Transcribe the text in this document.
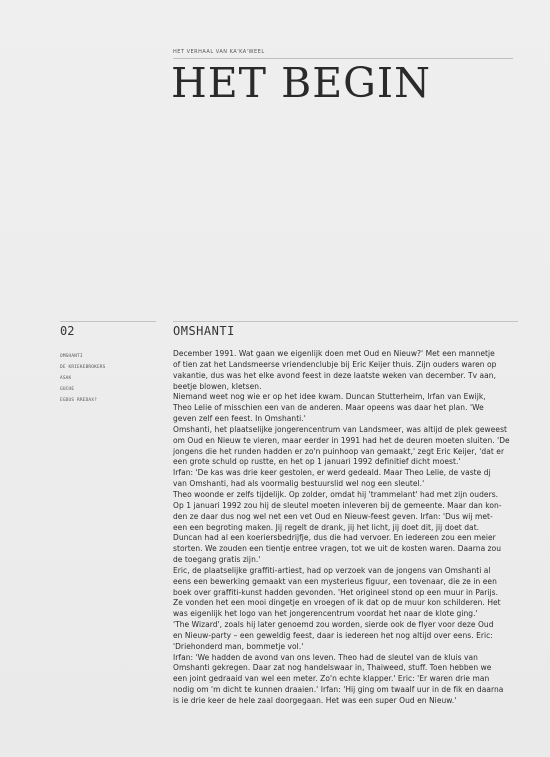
HET VERHAAL VAN KA'KA'WEEL
HET BEGIN
02	OMSHANTI
OMSHANTI
DE KRIEKEBROKERS
ASAK
GUCHE
EGDUS RREDAX?
December 1991. Wat gaan we eigenlijk doen met Oud en Nieuw?' Met een mannetje
of tien zat het Landsmeerse vriendenclubje bij Eric Keijer thuis. Zijn ouders waren op
vakantie, dus was het elke avond feest in deze laatste weken van december. Tv aan,
beetje blowen, kletsen.
Niemand weet nog wie er op het idee kwam. Duncan Stutterheim, Irfan van Ewijk,
Theo Lelie of misschien een van de anderen. Maar opeens was daar het plan. 'We
geven zelf een feest. In Omshanti.'
Omshanti, het plaatselijke jongerencentrum van Landsmeer, was altijd de plek geweest
om Oud en Nieuw te vieren, maar eerder in 1991 had het de deuren moeten sluiten. 'De
jongens die het runden hadden er zo'n puinhoop van gemaakt,' zegt Eric Keijer, 'dat er
een grote schuld op rustte, en het op 1 januari 1992 definitief dicht moest.'
Irfan: 'De kas was drie keer gestolen, er werd gedeald. Maar Theo Lelie, de vaste dj
van Omshanti, had als voormalig bestuurslid wel nog een sleutel.'
Theo woonde er zelfs tijdelijk. Op zolder, omdat hij 'trammelant' had met zijn ouders.
Op 1 januari 1992 zou hij de sleutel moeten inleveren bij de gemeente. Maar dan kon-
den ze daar dus nog wel net een vet Oud en Nieuw-feest geven. Irfan: 'Dus wij met-
een een begroting maken. Jij regelt de drank, jij het licht, jij doet dit, jij doet dat.
Duncan had al een koeriersbedrijfje, dus die had vervoer. En iedereen zou een meier
storten. We zouden een tientje entree vragen, tot we uit de kosten waren. Daarna zou
de toegang gratis zijn.'
Eric, de plaatselijke graffiti-artiest, had op verzoek van de jongens van Omshanti al
eens een bewerking gemaakt van een mysterieus figuur, een tovenaar, die ze in een
boek over graffiti-kunst hadden gevonden. 'Het origineel stond op een muur in Parijs.
Ze vonden het een mooi dingetje en vroegen of ik dat op de muur kon schilderen. Het
was eigenlijk het logo van het jongerencentrum voordat het naar de klote ging.'
'The Wizard', zoals hij later genoemd zou worden, sierde ook de flyer voor deze Oud
en Nieuw-party – een geweldig feest, daar is iedereen het nog altijd over eens. Eric:
'Driehonderd man, bommetje vol.'
Irfan: 'We hadden de avond van ons leven. Theo had de sleutel van de kluis van
Omshanti gekregen. Daar zat nog handelswaar in, Thaiweed, stuff. Toen hebben we
een joint gedraaid van wel een meter. Zo'n echte klapper.' Eric: 'Er waren drie man
nodig om 'm dicht te kunnen draaien.' Irfan: 'Hij ging om twaalf uur in de fik en daarna
is ie drie keer de hele zaal doorgegaan. Het was een super Oud en Nieuw.'
